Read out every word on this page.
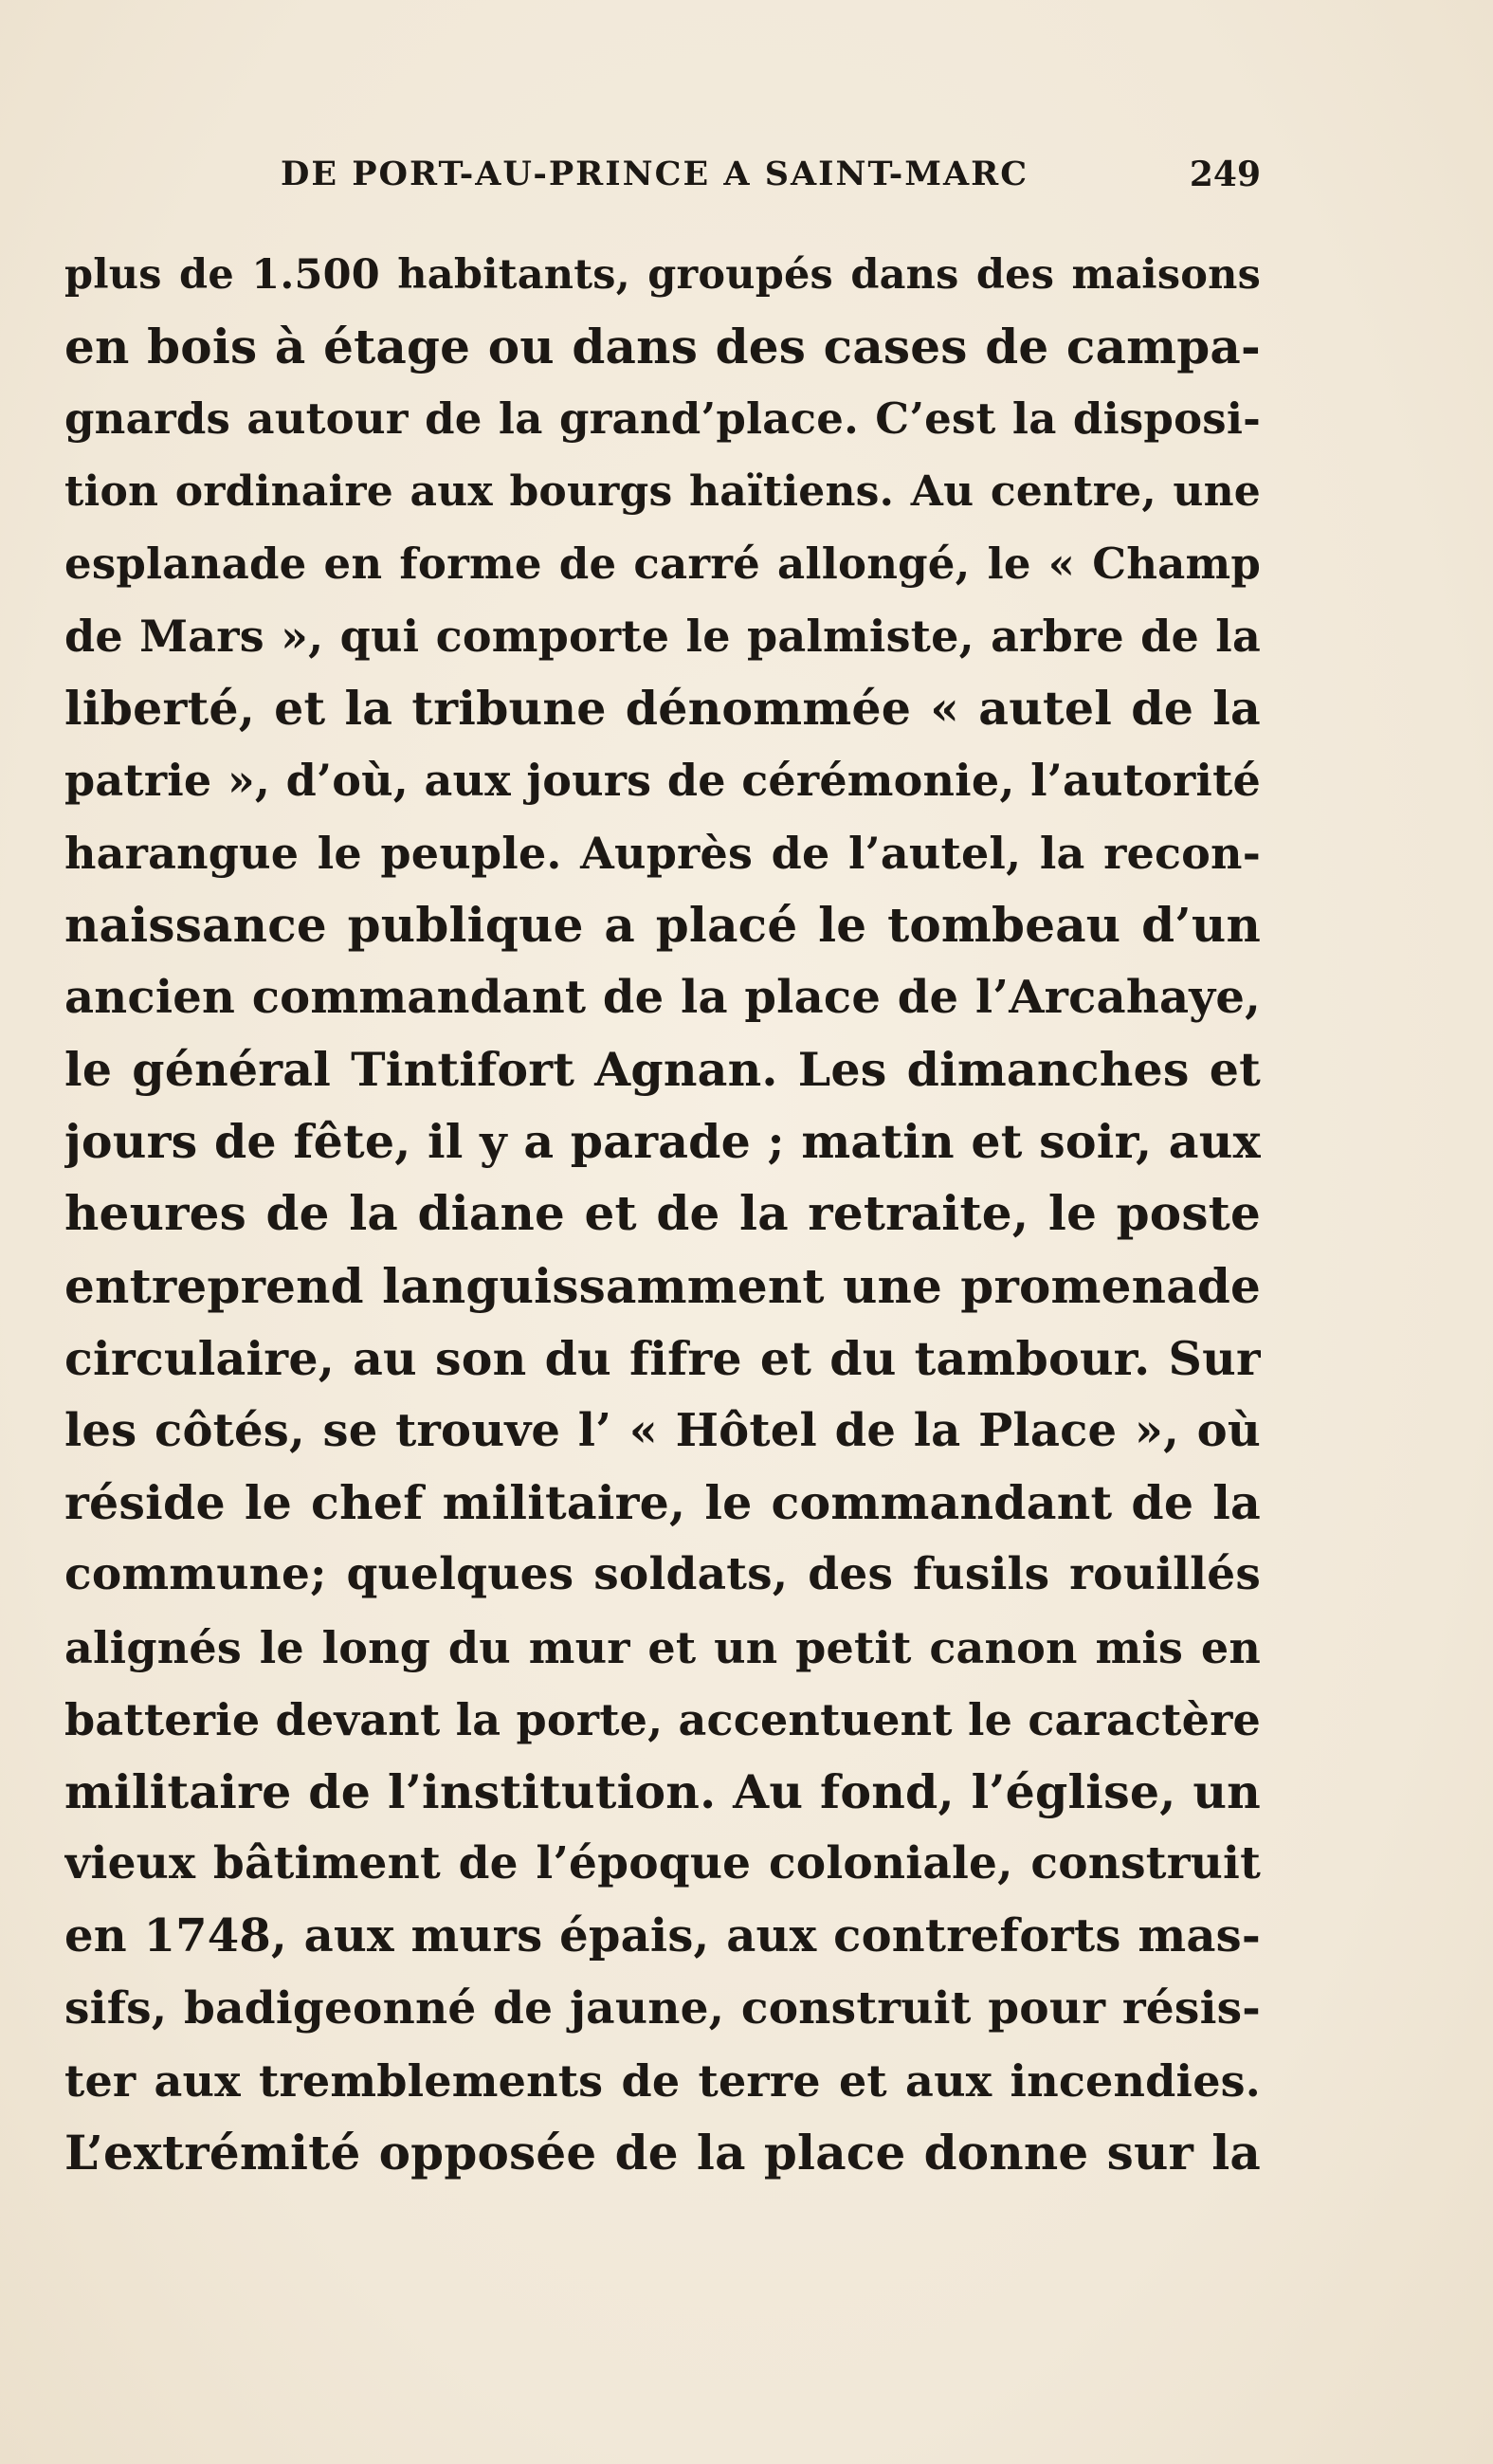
DE PORT-AU-PRINCE A SAINT-MARC	249
plus de 1.500 habitants, groupés dans des maisons
en bois à étage ou dans des cases de campa-
gnards autour de la grand’place. C’est la disposi-
tion ordinaire aux bourgs haïtiens. Au centre, une
esplanade en forme de carré allongé, le « Champ
de Mars », qui comporte le palmiste, arbre de la
liberté, et la tribune dénommée « autel de la
patrie », d’où, aux jours de cérémonie, l’autorité
harangue le peuple. Auprès de l’autel, la recon-
naissance publique a placé le tombeau d’un
ancien commandant de la place de l’Arcahaye,
le général Tintifort Agnan. Les dimanches et
jours de fête, il y a parade ; matin et soir, aux
heures de la diane et de la retraite, le poste
entreprend languissamment une promenade
circulaire, au son du fifre et du tambour. Sur
les côtés, se trouve l’ « Hôtel de la Place », où
réside le chef militaire, le commandant de la
commune; quelques soldats, des fusils rouillés
alignés le long du mur et un petit canon mis en
batterie devant la porte, accentuent le caractère
militaire de l’institution. Au fond, l’église, un
vieux bâtiment de l’époque coloniale, construit
en 1748, aux murs épais, aux contreforts mas-
sifs, badigeonné de jaune, construit pour résis-
ter aux tremblements de terre et aux incendies.
L’extrémité opposée de la place donne sur la
